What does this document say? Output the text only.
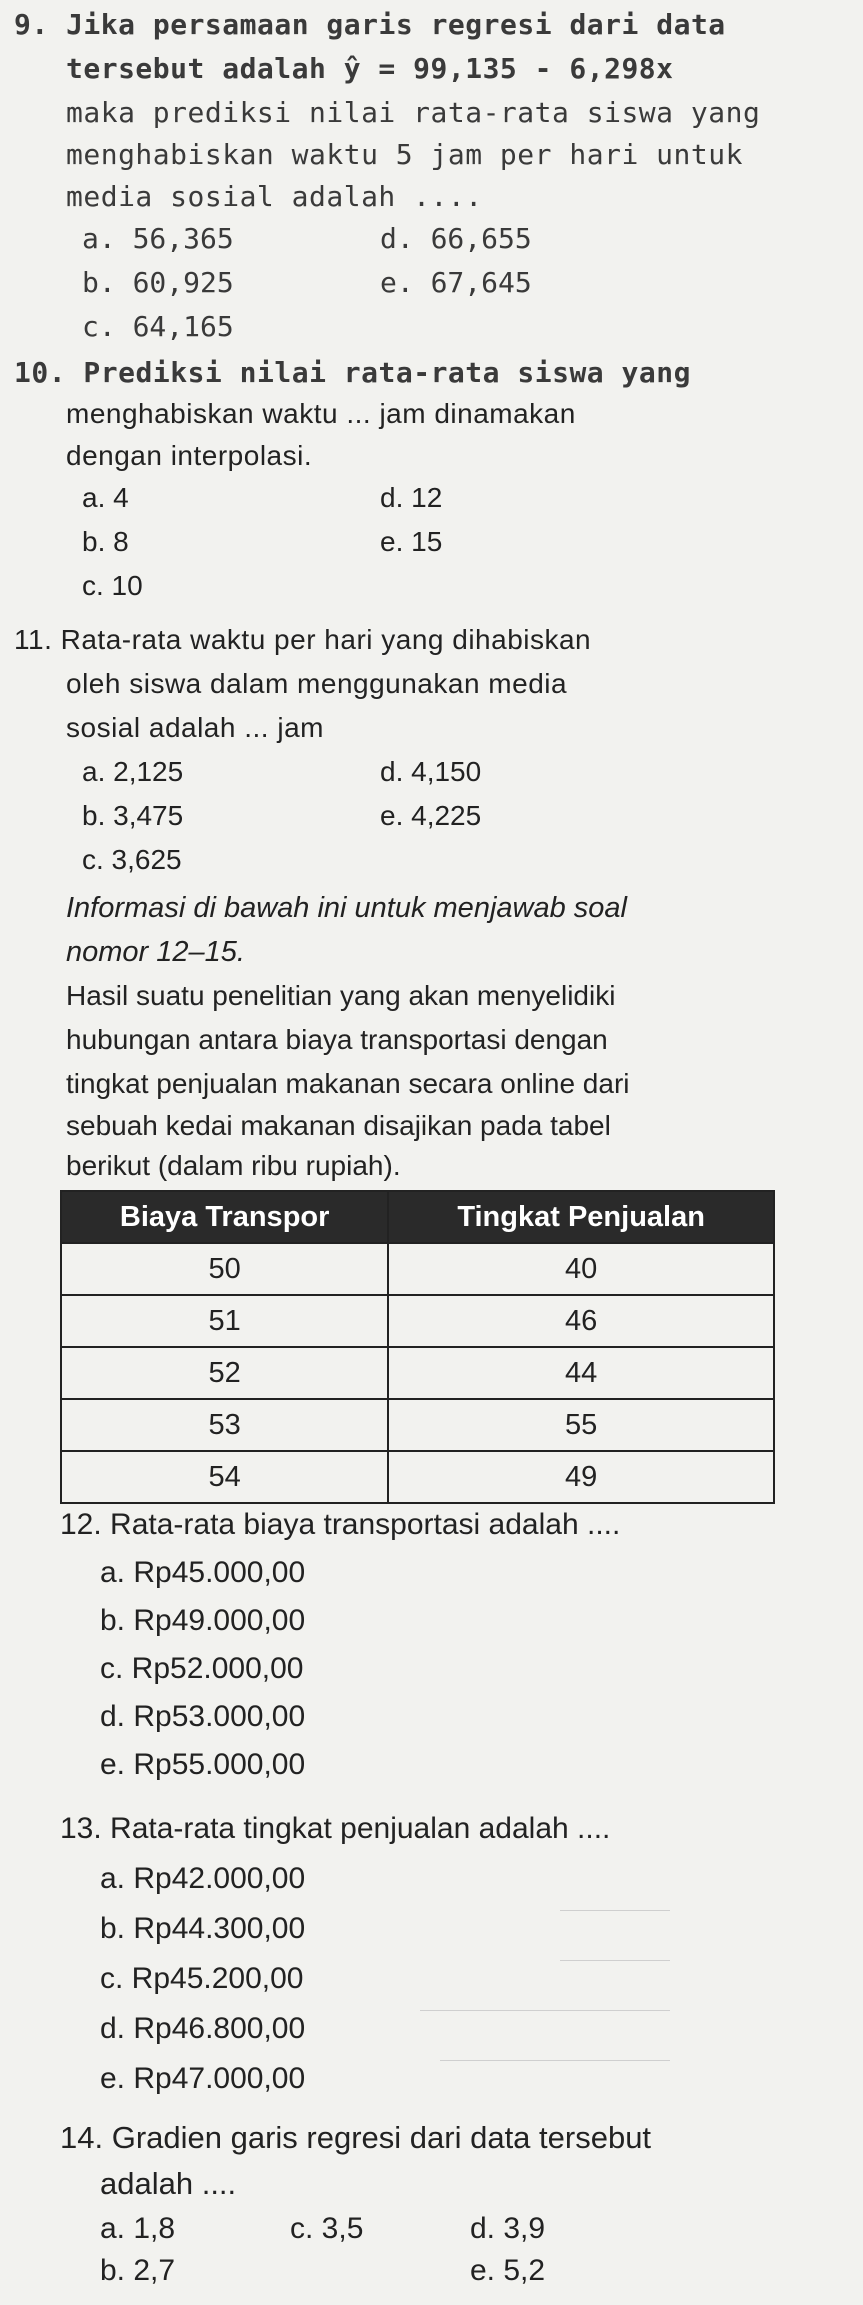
9. Jika persamaan garis regresi dari data
tersebut adalah ŷ = 99,135 - 6,298x
maka prediksi nilai rata-rata siswa yang
menghabiskan waktu 5 jam per hari untuk
media sosial adalah ....
a. 56,365
b. 60,925
c. 64,165
d. 66,655
e. 67,645
10. Prediksi nilai rata-rata siswa yang
menghabiskan waktu ... jam dinamakan
dengan interpolasi.
a. 4
b. 8
c. 10
d. 12
e. 15
11. Rata-rata waktu per hari yang dihabiskan
oleh siswa dalam menggunakan media
sosial adalah ... jam
a. 2,125
b. 3,475
c. 3,625
d. 4,150
e. 4,225
Informasi di bawah ini untuk menjawab soal
nomor 12–15.
Hasil suatu penelitian yang akan menyelidiki
hubungan antara biaya transportasi dengan
Biaya Transpor	Tingkat Penjualan
50	40
51	46
52	44
53	55
54	49
tingkat penjualan makanan secara online dari
sebuah kedai makanan disajikan pada tabel
berikut (dalam ribu rupiah).
12. Rata-rata biaya transportasi adalah ....
a. Rp45.000,00
b. Rp49.000,00
c. Rp52.000,00
d. Rp53.000,00
e. Rp55.000,00
13. Rata-rata tingkat penjualan adalah ....
a. Rp42.000,00
b. Rp44.300,00
c. Rp45.200,00
d. Rp46.800,00
e. Rp47.000,00
14. Gradien garis regresi dari data tersebut
adalah ....
a. 1,8
b. 2,7
d. 3,9
e. 5,2
c. 3,5
